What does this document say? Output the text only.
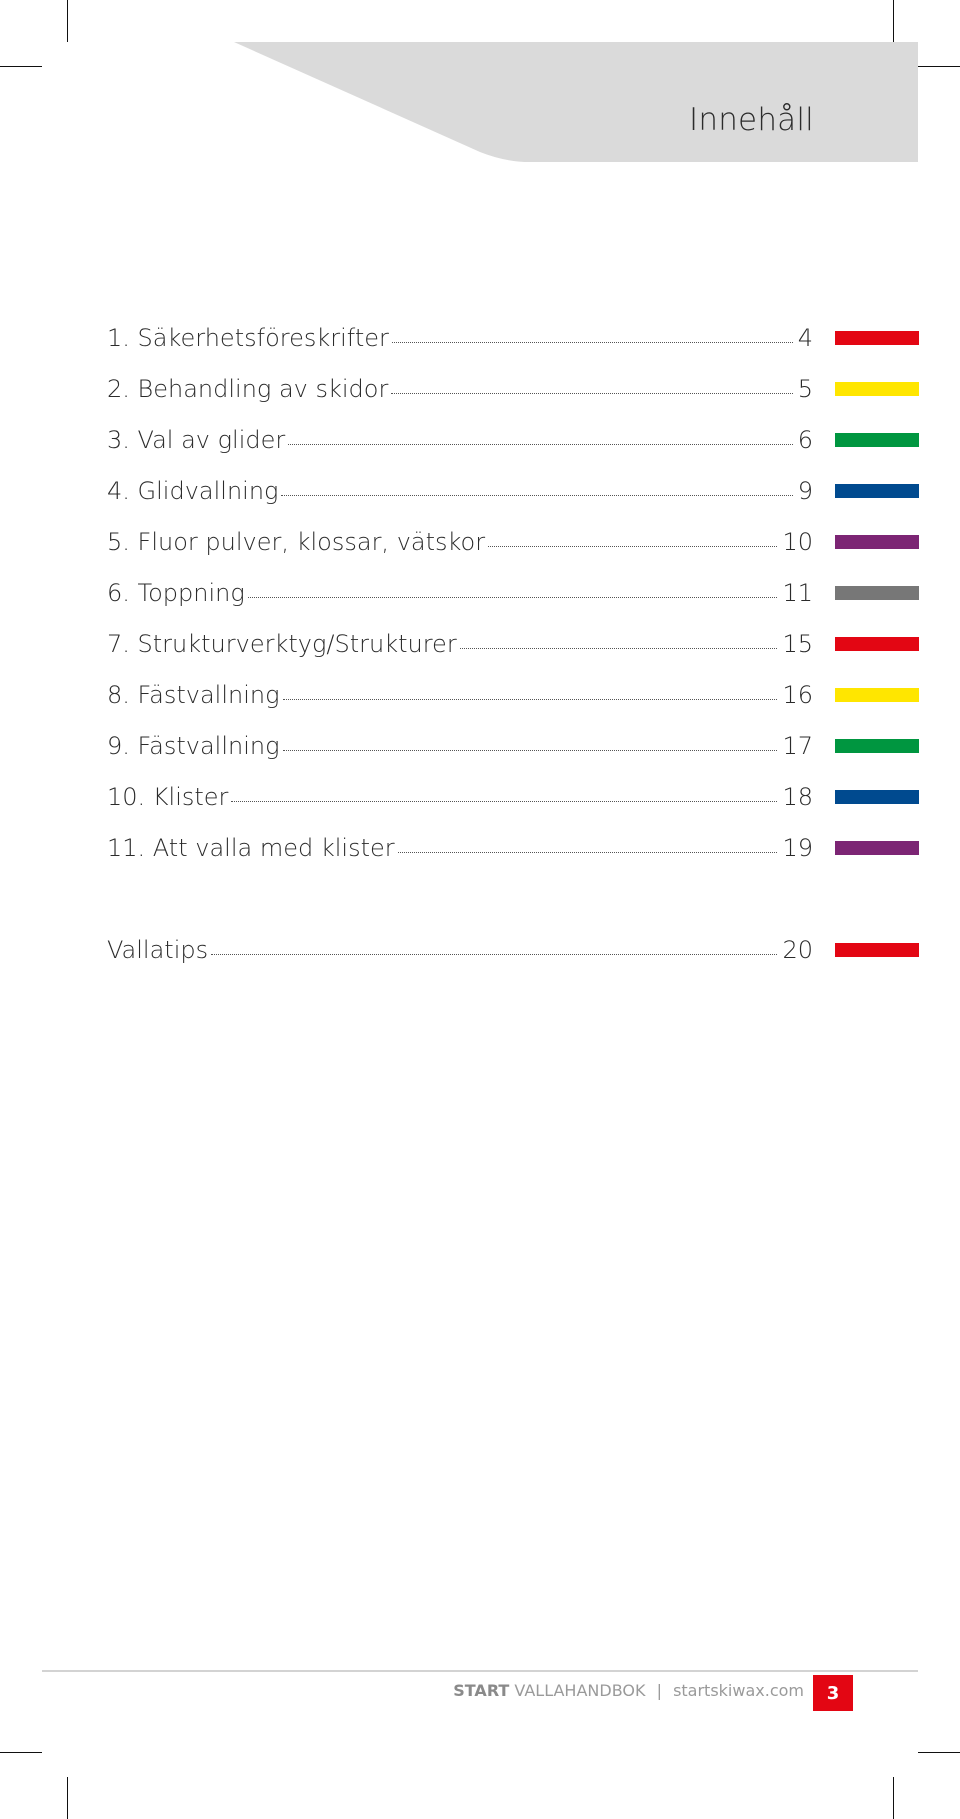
Innehåll
1. Säkerhetsföreskrifter	4
2. Behandling av skidor	5
3. Val av glider	6
4. Glidvallning	9
5. Fluor pulver, klossar, vätskor	10
6. Toppning	11
7. Strukturverktyg/Strukturer	15
8. Fästvallning	16
9. Fästvallning	17
10. Klister	18
11. Att valla med klister	19
Vallatips	20
START VALLAHANDBOK | startskiwax.com	3
